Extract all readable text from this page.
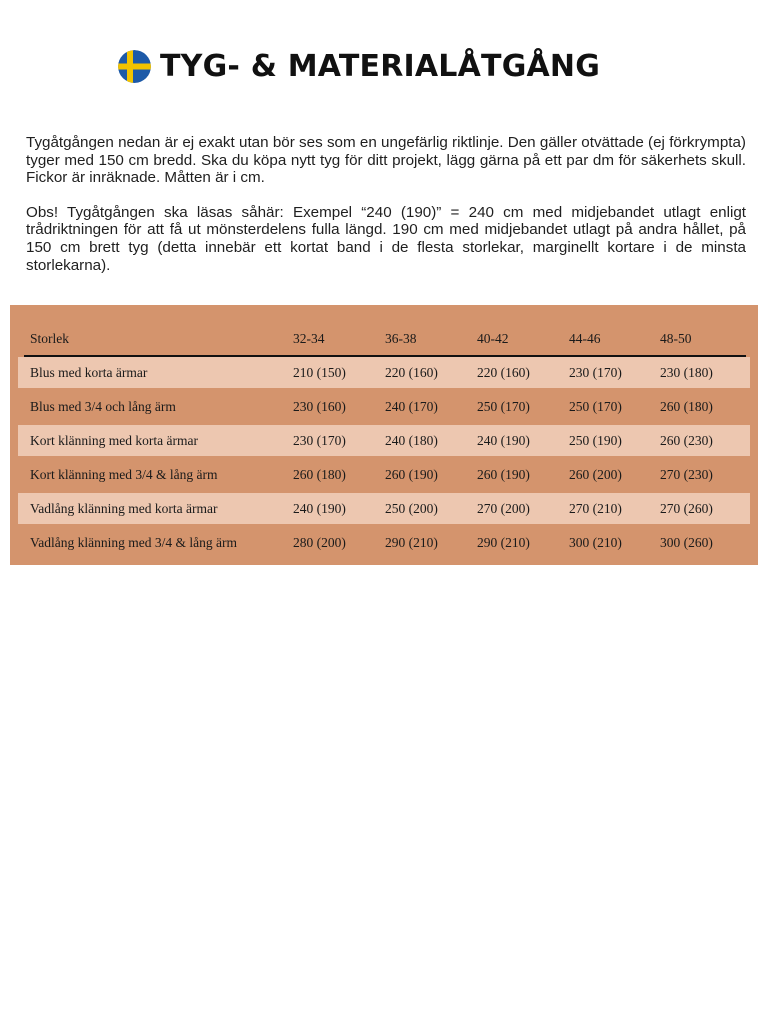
TYG- & MATERIALÅTGÅNG

Tygåtgången nedan är ej exakt utan bör ses som en ungefärlig riktlinje. Den gäller otvättade (ej förkrympta) tyger med 150 cm bredd. Ska du köpa nytt tyg för ditt projekt, lägg gärna på ett par dm för säkerhets skull. Fickor är inräknade. Måtten är i cm.

Obs! Tygåtgången ska läsas såhär: Exempel “240 (190)” = 240 cm med midjebandet utlagt enligt trådriktningen för att få ut mönsterdelens fulla längd. 190 cm med midjebandet utlagt på andra hållet, på 150 cm brett tyg (detta innebär ett kortat band i de flesta storlekar, marginellt kortare i de minsta storlekarna).

Storlek	32-34	36-38	40-42	44-46	48-50
Blus med korta ärmar	210 (150)	220 (160)	220 (160)	230 (170)	230 (180)
Blus med 3/4 och lång ärm	230 (160)	240 (170)	250 (170)	250 (170)	260 (180)
Kort klänning med korta ärmar	230 (170)	240 (180)	240 (190)	250 (190)	260 (230)
Kort klänning med 3/4 & lång ärm	260 (180)	260 (190)	260 (190)	260 (200)	270 (230)
Vadlång klänning med korta ärmar	240 (190)	250 (200)	270 (200)	270 (210)	270 (260)
Vadlång klänning med 3/4 & lång ärm	280 (200)	290 (210)	290 (210)	300 (210)	300 (260)
